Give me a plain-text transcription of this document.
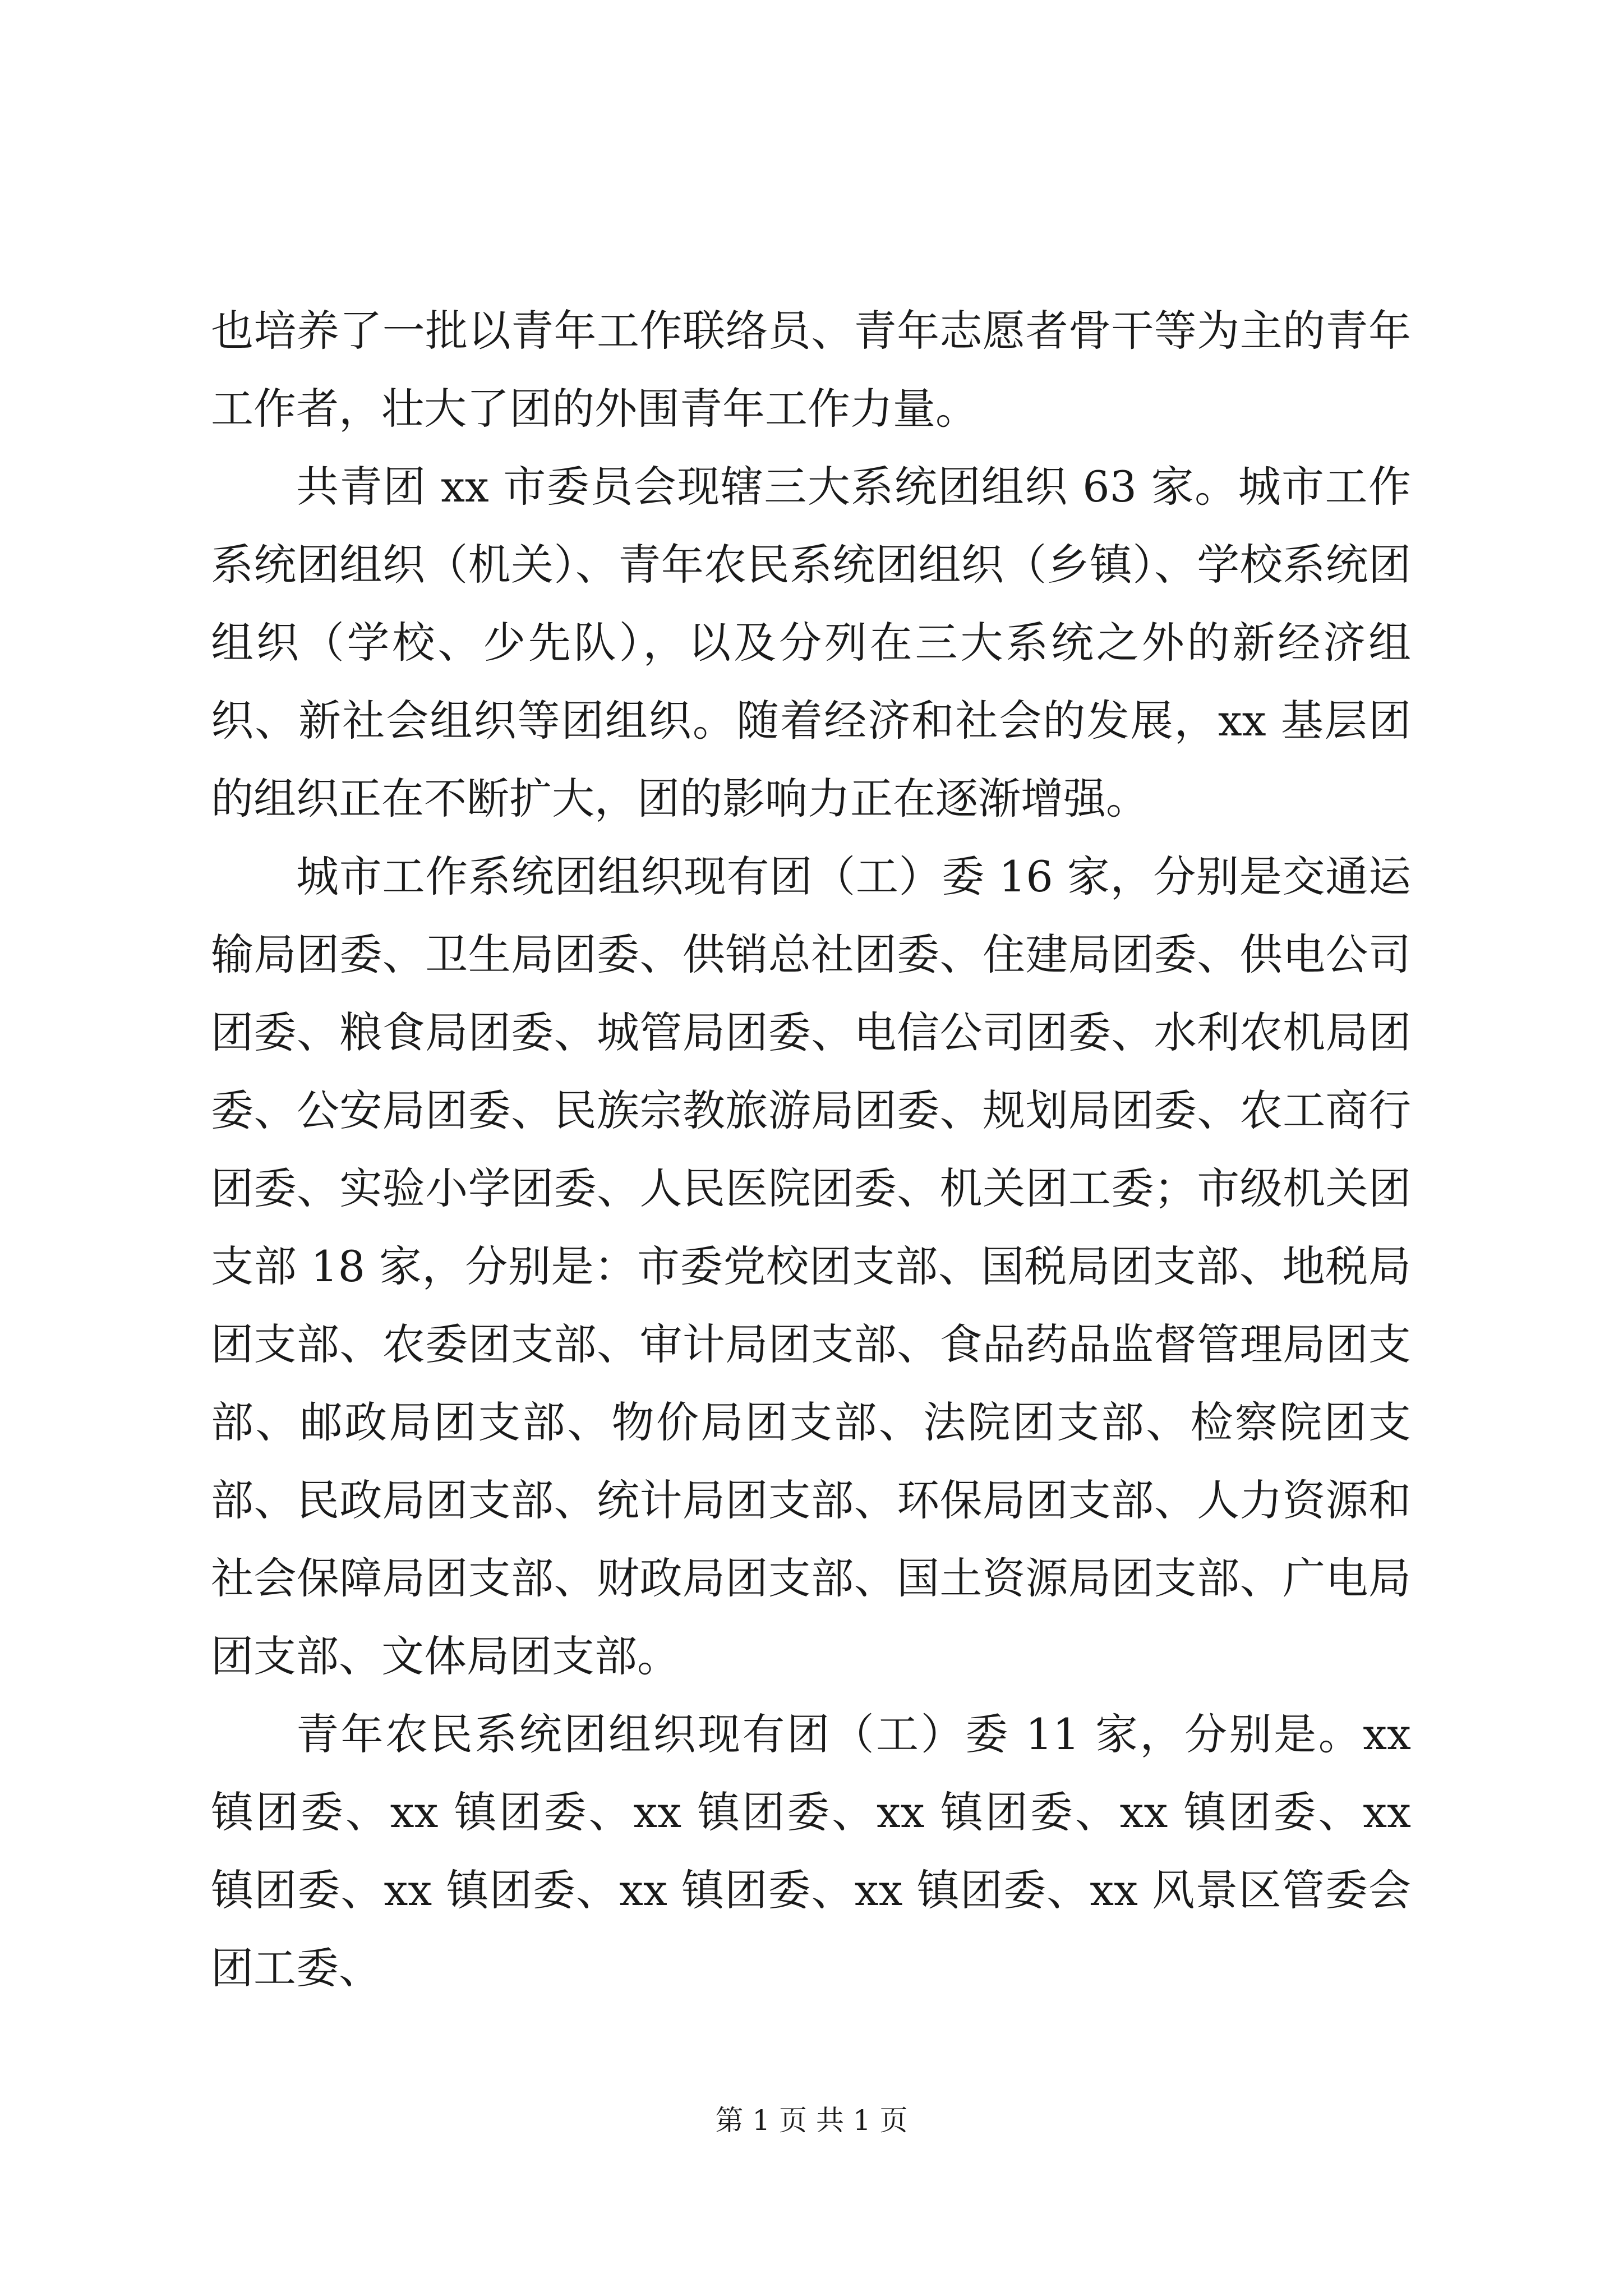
也培养了一批以青年工作联络员、青年志愿者骨干等为主的青年工作者，壮大了团的外围青年工作力量。

共青团 xx 市委员会现辖三大系统团组织 63 家。城市工作系统团组织（机关）、青年农民系统团组织（乡镇）、学校系统团组织（学校、少先队），以及分列在三大系统之外的新经济组织、新社会组织等团组织。随着经济和社会的发展，xx 基层团的组织正在不断扩大，团的影响力正在逐渐增强。

城市工作系统团组织现有团（工）委 16 家，分别是交通运输局团委、卫生局团委、供销总社团委、住建局团委、供电公司团委、粮食局团委、城管局团委、电信公司团委、水利农机局团委、公安局团委、民族宗教旅游局团委、规划局团委、农工商行团委、实验小学团委、人民医院团委、机关团工委；市级机关团支部 18 家，分别是：市委党校团支部、国税局团支部、地税局团支部、农委团支部、审计局团支部、食品药品监督管理局团支部、邮政局团支部、物价局团支部、法院团支部、检察院团支部、民政局团支部、统计局团支部、环保局团支部、人力资源和社会保障局团支部、财政局团支部、国土资源局团支部、广电局团支部、文体局团支部。

青年农民系统团组织现有团（工）委 11 家，分别是。xx 镇团委、xx 镇团委、xx 镇团委、xx 镇团委、xx 镇团委、xx 镇团委、xx 镇团委、xx 镇团委、xx 镇团委、xx 风景区管委会团工委、

第 1 页 共 1 页
